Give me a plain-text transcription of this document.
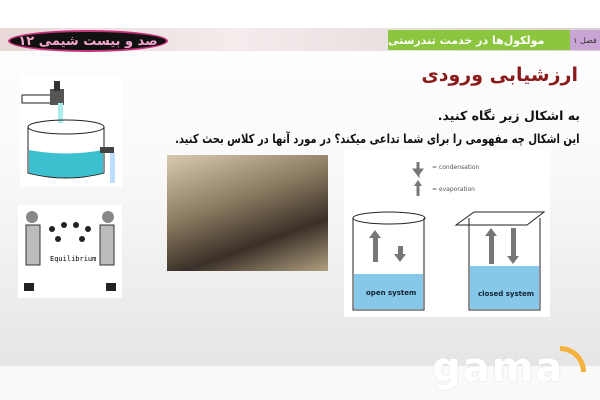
صد و بیست شیمی ۱۲	مولکول‌ها در خدمت تندرستی	فصل ۱
ارزشیابی ورودی
به اشکال زیر نگاه کنید.
این اشکال چه مفهومی را برای شما تداعی میکند؟ در مورد آنها در کلاس بحث کنید.
Equilibrium
= condensation
= evaporation
open system	closed system
gama
